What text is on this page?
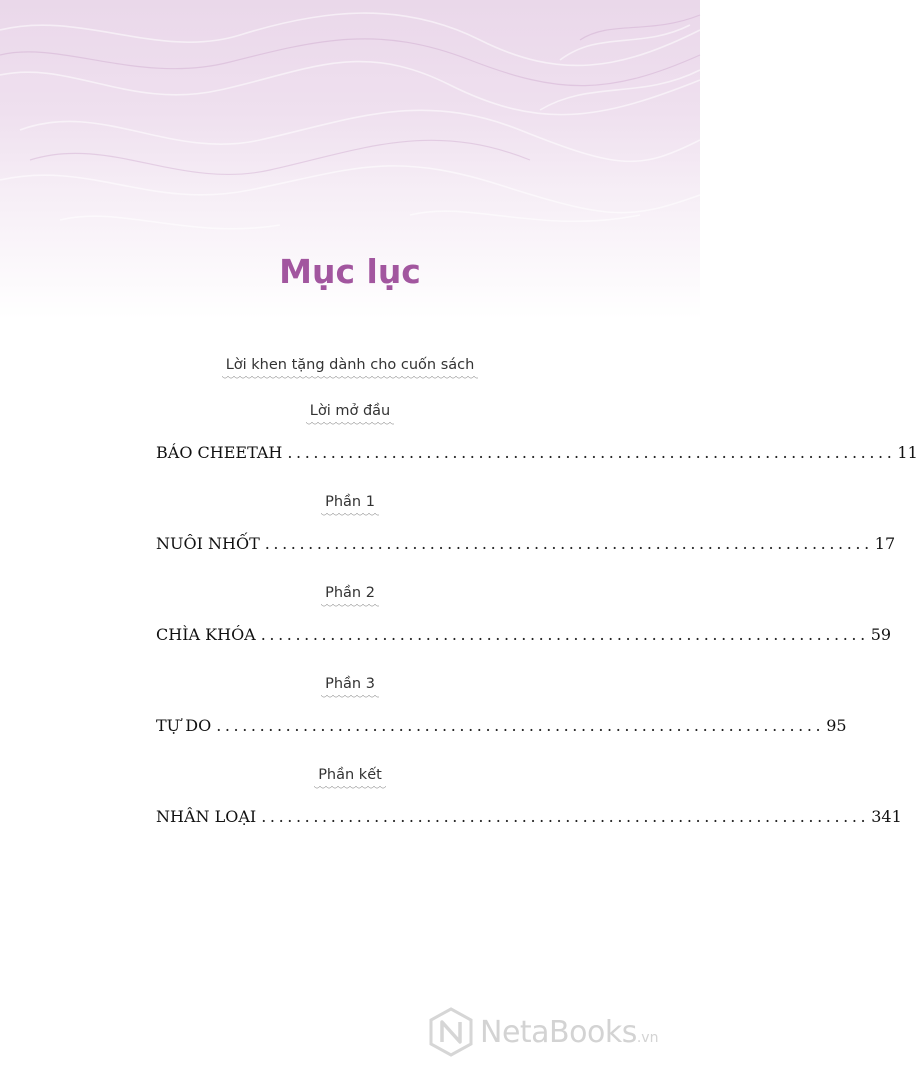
Mục lục
Lời khen tặng dành cho cuốn sách
Lời mở đầu
BÁO CHEETAH ...................................................................... 11
Phần 1
NUÔI NHỐT ...................................................................... 17
Phần 2
CHÌA KHÓA ...................................................................... 59
Phần 3
TỰ DO ...................................................................... 95
Phần kết
NHÂN LOẠI ...................................................................... 341
NetaBooks .vn
